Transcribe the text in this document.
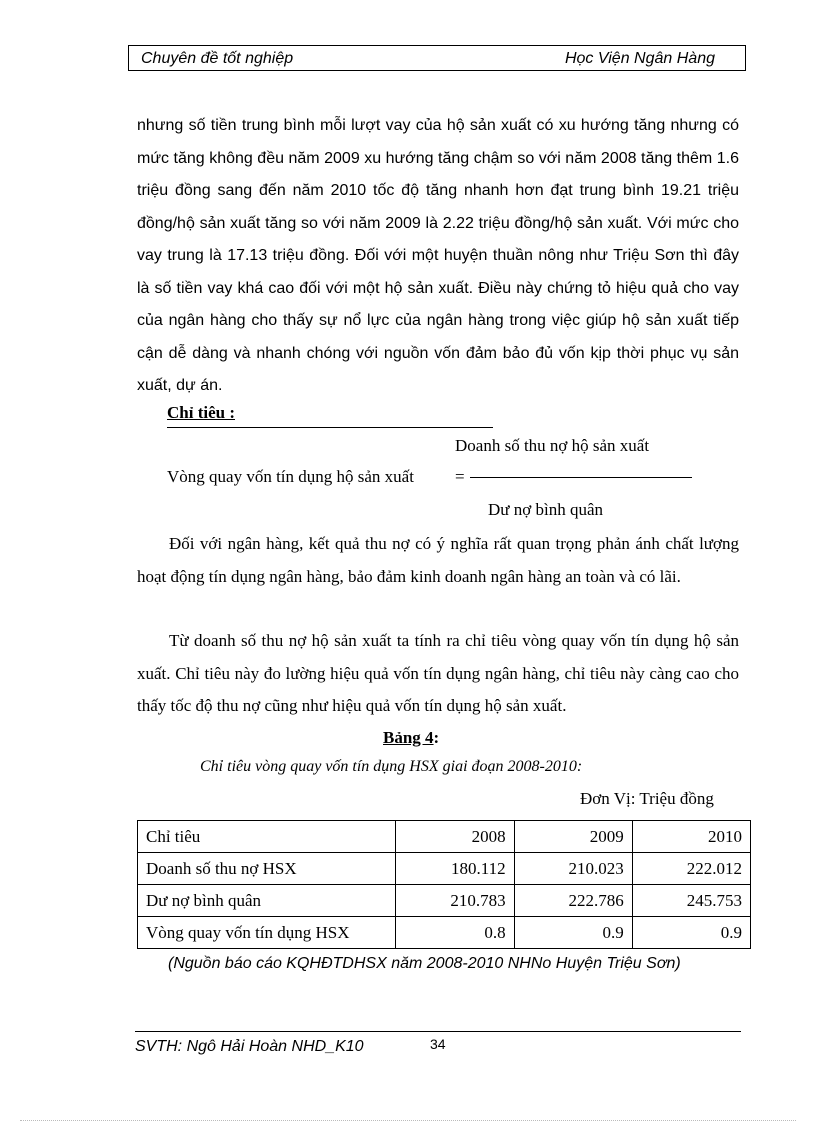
Chuyên đề tốt nghiệp	Học Viện Ngân Hàng

nhưng số tiền trung bình mỗi lượt vay của hộ sản xuất có xu hướng tăng nhưng có mức tăng không đều năm 2009 xu hướng tăng chậm so với năm 2008 tăng thêm 1.6 triệu đồng sang đến năm 2010 tốc độ tăng nhanh hơn đạt trung bình 19.21 triệu đồng/hộ sản xuất tăng so với năm 2009 là 2.22 triệu đồng/hộ sản xuất. Với mức cho vay trung là 17.13 triệu đồng. Đối với một huyện thuần nông như Triệu Sơn thì đây là số tiền vay khá cao đối với một hộ sản xuất. Điều này chứng tỏ hiệu quả cho vay của ngân hàng cho thấy sự nổ lực của ngân hàng trong việc giúp hộ sản xuất tiếp cận dễ dàng và nhanh chóng với nguồn vốn đảm bảo đủ vốn kịp thời phục vụ sản xuất, dự án.

Chỉ tiêu :
Doanh số thu nợ hộ sản xuất
Vòng quay vốn tín dụng hộ sản xuất =
Dư nợ bình quân

Đối với ngân hàng, kết quả thu nợ có ý nghĩa rất quan trọng phản ánh chất lượng hoạt động tín dụng ngân hàng, bảo đảm kinh doanh ngân hàng an toàn và có lãi.

Từ doanh số thu nợ hộ sản xuất ta tính ra chỉ tiêu vòng quay vốn tín dụng hộ sản xuất. Chỉ tiêu này đo lường hiệu quả vốn tín dụng ngân hàng, chỉ tiêu này càng cao cho thấy tốc độ thu nợ cũng như hiệu quả vốn tín dụng hộ sản xuất.

Bảng 4:
Chỉ tiêu vòng quay vốn tín dụng HSX giai đoạn 2008-2010:
Đơn Vị: Triệu đồng
Chỉ tiêu	2008	2009	2010
Doanh số thu nợ HSX	180.112	210.023	222.012
Dư nợ bình quân	210.783	222.786	245.753
Vòng quay vốn tín dụng HSX	0.8	0.9	0.9
(Nguồn báo cáo KQHĐTDHSX năm 2008-2010 NHNo Huyện Triệu Sơn)
SVTH: Ngô Hải Hoàn NHD_K10	34
